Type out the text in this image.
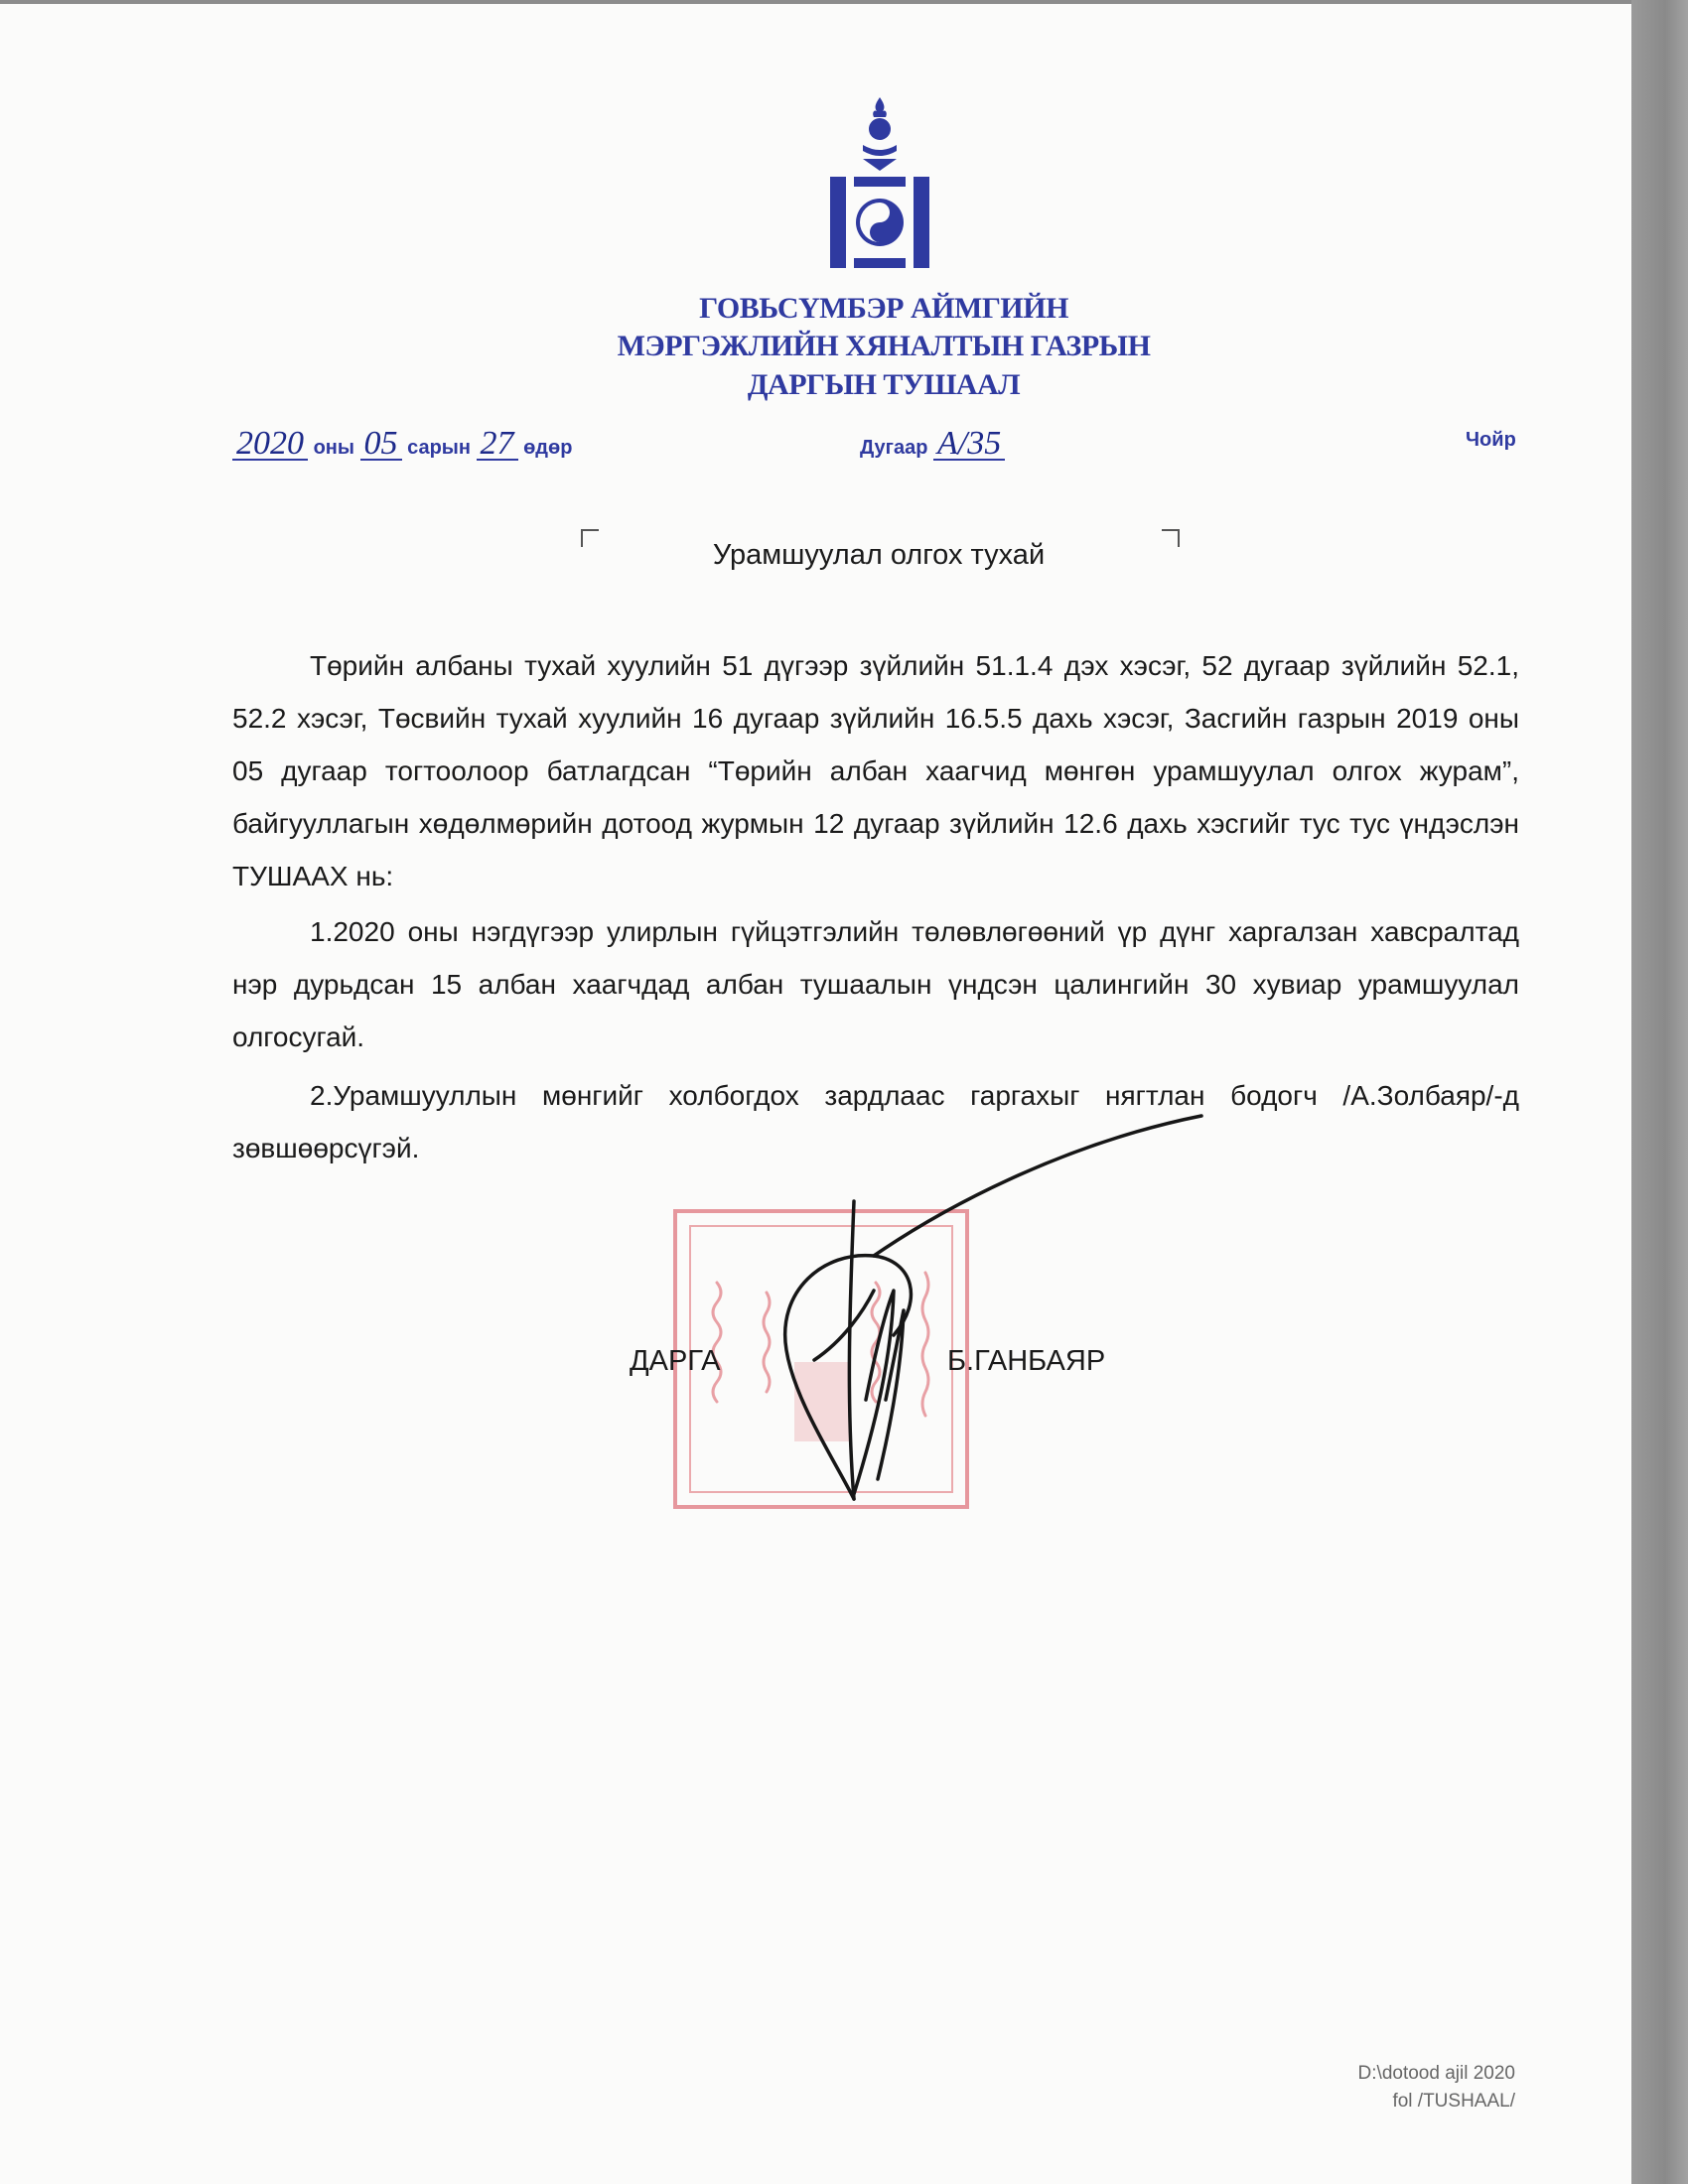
ГОВЬСҮМБЭР АЙМГИЙН
МЭРГЭЖЛИЙН ХЯНАЛТЫН ГАЗРЫН
ДАРГЫН ТУШААЛ
2020 оны 05 сарын 27 өдөр	Дугаар А/35	Чойр
Урамшуулал олгох тухай

Төрийн албаны тухай хуулийн 51 дүгээр зүйлийн 51.1.4 дэх хэсэг, 52 дугаар зүйлийн 52.1, 52.2 хэсэг, Төсвийн тухай хуулийн 16 дугаар зүйлийн 16.5.5 дахь хэсэг, Засгийн газрын 2019 оны 05 дугаар тогтоолоор батлагдсан “Төрийн албан хаагчид мөнгөн урамшуулал олгох журам”, байгууллагын хөдөлмөрийн дотоод журмын 12 дугаар зүйлийн 12.6 дахь хэсгийг тус тус үндэслэн ТУШААХ нь:

1.2020 оны нэгдүгээр улирлын гүйцэтгэлийн төлөвлөгөөний үр дүнг харгалзан хавсралтад нэр дурьдсан 15 албан хаагчдад албан тушаалын үндсэн цалингийн 30 хувиар урамшуулал олгосугай.

2.Урамшууллын мөнгийг холбогдох зардлаас гаргахыг нягтлан бодогч /А.Золбаяр/-д зөвшөөрсүгэй.

ДАРГА	Б.ГАНБАЯР
D:\dotood ajil 2020
fol /TUSHAAL/
